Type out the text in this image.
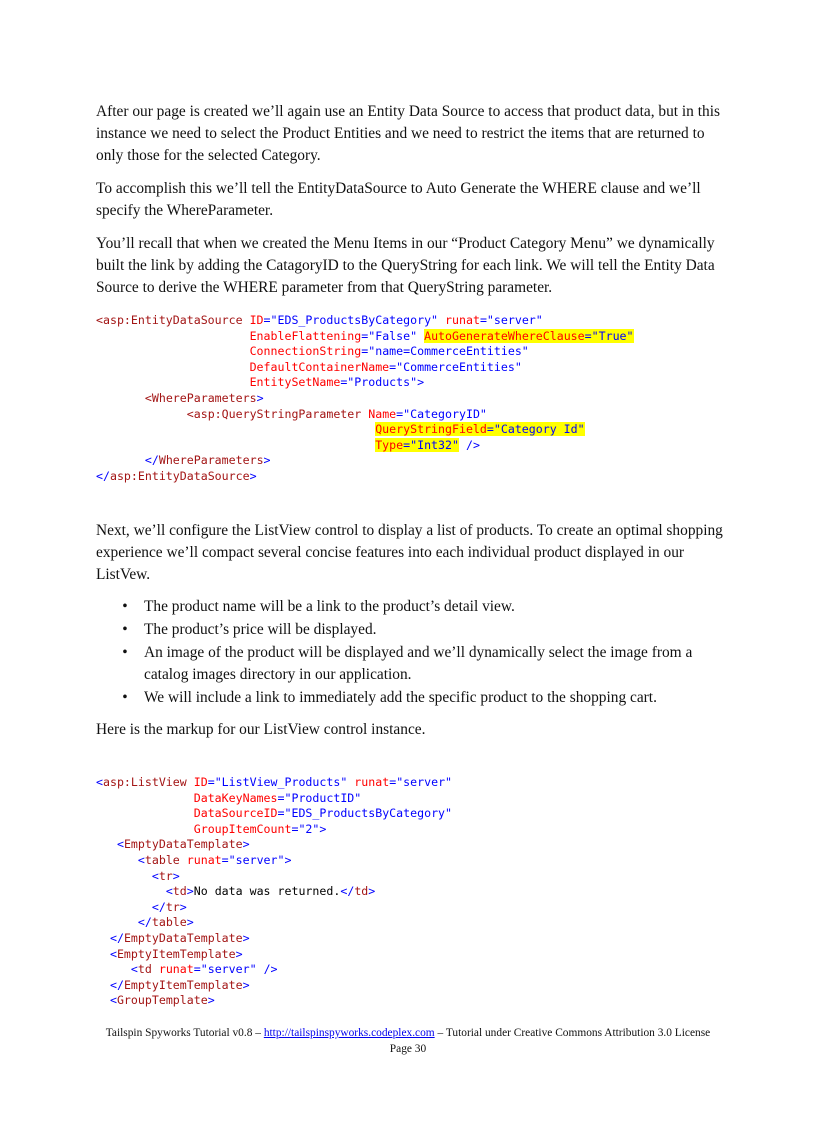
After our page is created we’ll again use an Entity Data Source to access that product data, but in this instance we need to select the Product Entities and we need to restrict the items that are returned to only those for the selected Category.

To accomplish this we’ll tell the EntityDataSource to Auto Generate the WHERE clause and we’ll specify the WhereParameter.

You’ll recall that when we created the Menu Items in our “Product Category Menu” we dynamically built the link by adding the CatagoryID to the QueryString for each link. We will tell the Entity Data Source to derive the WHERE parameter from that QueryString parameter.

<asp:EntityDataSource ID="EDS_ProductsByCategory" runat="server"
EnableFlattening="False" AutoGenerateWhereClause="True"
ConnectionString="name=CommerceEntities"
DefaultContainerName="CommerceEntities"
EntitySetName="Products">
<WhereParameters>
<asp:QueryStringParameter Name="CategoryID"
QueryStringField="Category Id"
Type="Int32" />
</WhereParameters>
</asp:EntityDataSource>

Next, we’ll configure the ListView control to display a list of products. To create an optimal shopping experience we’ll compact several concise features into each individual product displayed in our ListVew.

• The product name will be a link to the product’s detail view.
• The product’s price will be displayed.
• An image of the product will be displayed and we’ll dynamically select the image from a catalog images directory in our application.
• We will include a link to immediately add the specific product to the shopping cart.

Here is the markup for our ListView control instance.

<asp:ListView ID="ListView_Products" runat="server"
DataKeyNames="ProductID"
DataSourceID="EDS_ProductsByCategory"
GroupItemCount="2">
<EmptyDataTemplate>
<table runat="server">
<tr>
<td>No data was returned.</td>
</tr>
</table>
</EmptyDataTemplate>
<EmptyItemTemplate>
<td runat="server" />
</EmptyItemTemplate>
<GroupTemplate>
Tailspin Spyworks Tutorial v0.8 – http://tailspinspyworks.codeplex.com – Tutorial under Creative Commons Attribution 3.0 License
Page 30
